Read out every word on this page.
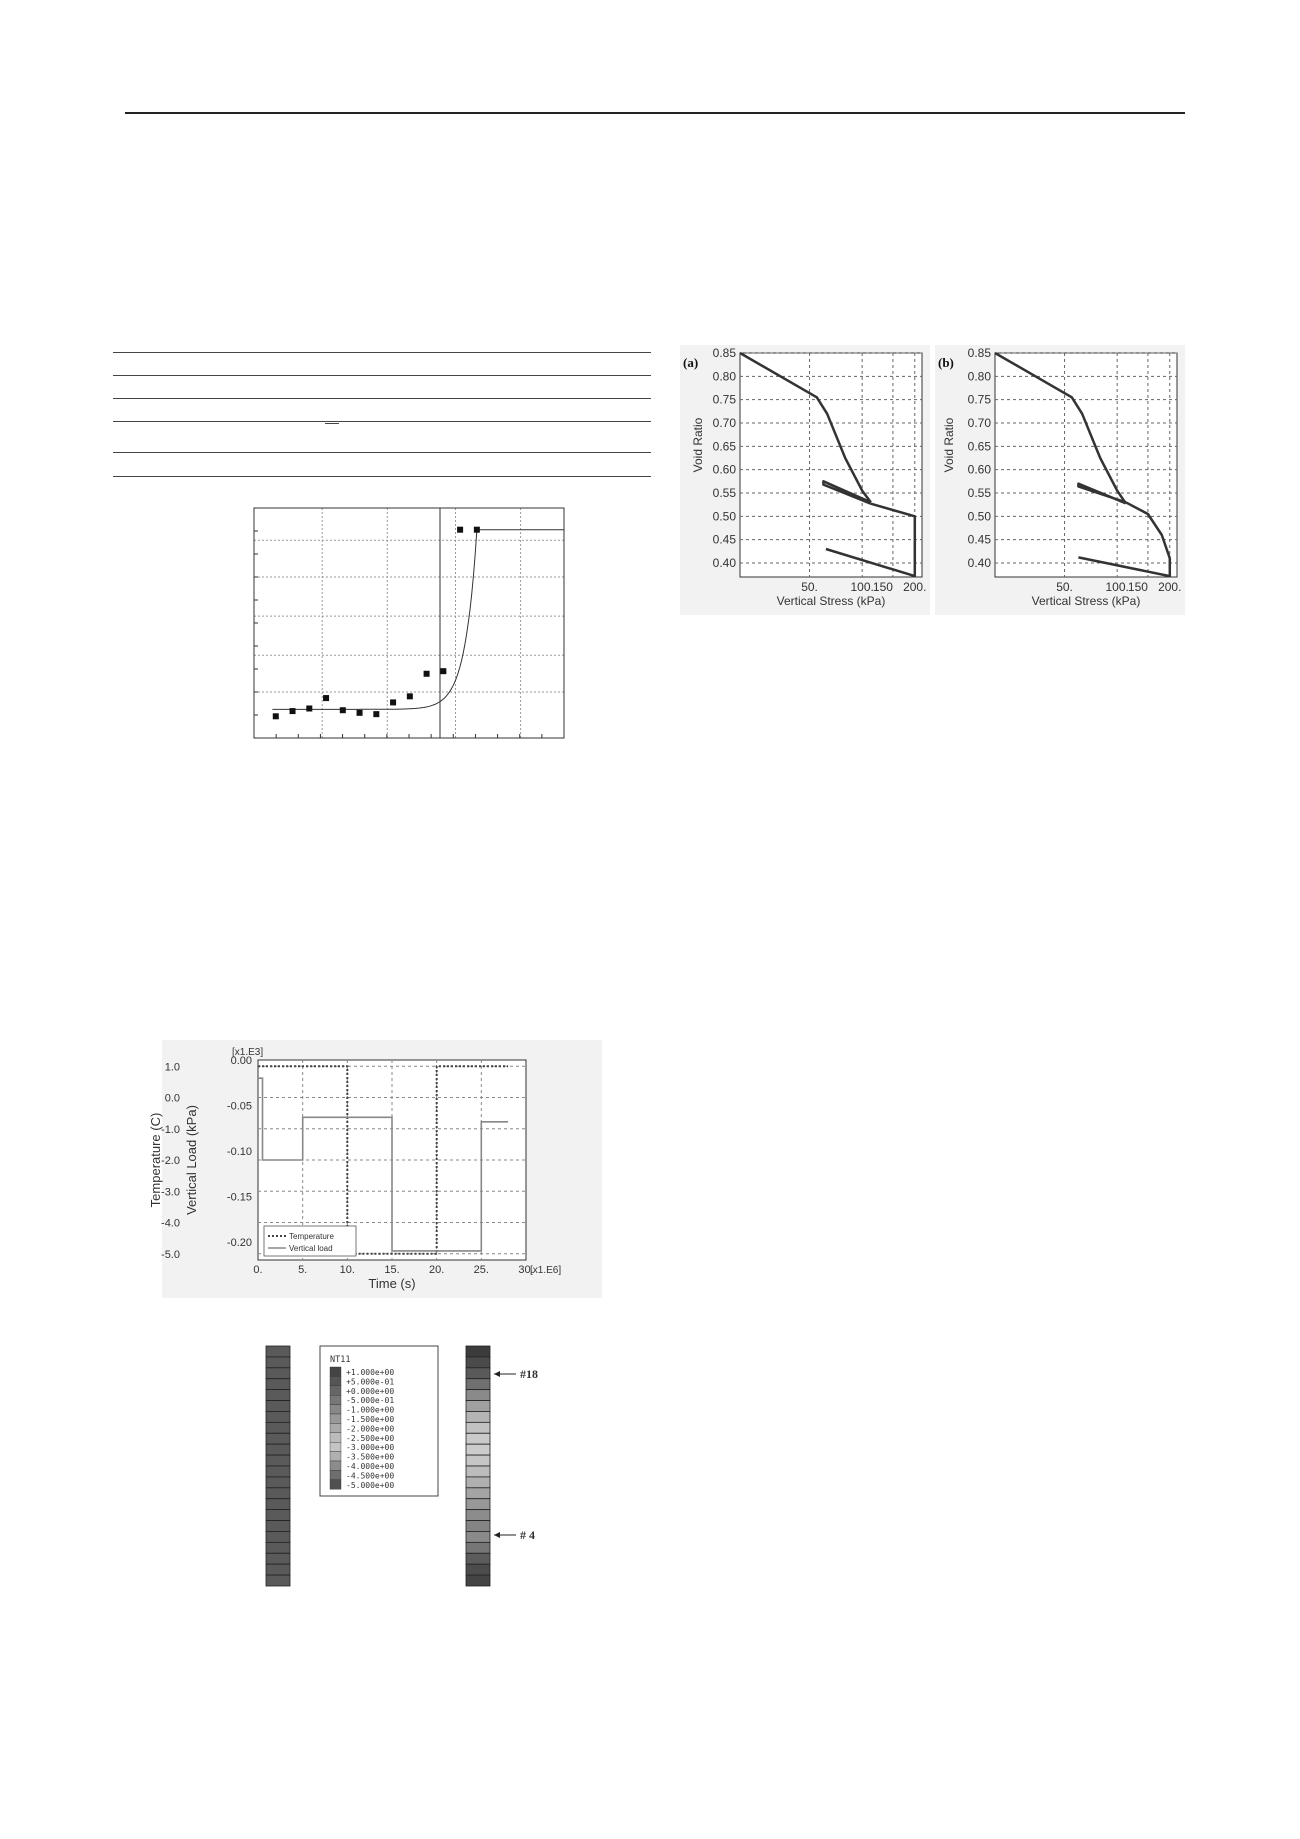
0.85
0.80
0.75
0.70
0.65
0.60
0.55
0.50
0.45
0.40
50.	100. 150 200.
Vertical Stress (kPa)
Void Ratio
(a)
0.85
0.80
0.75
0.70
0.65
0.60
0.55
0.50
0.45
0.40
50.	100. 150 200.
Vertical Stress (kPa)
Void Ratio
(b)
1.0
0.0
-1.0
-2.0
-3.0
-4.0
-5.0
0.00
-0.05
-0.10
-0.15
-0.20
0.	5.	10.	15.	20.	25.	30.
[x1.E6]
[x1.E3]
Time (s)
Temperature (C) Vertical Load (kPa)
Temperature
Vertical load
NT11
+1.000e+00
+5.000e-01
+0.000e+00
-5.000e-01
-1.000e+00
-1.500e+00
-2.000e+00
-2.500e+00
-3.000e+00
-3.500e+00
-4.000e+00
-4.500e+00
-5.000e+00
#18
# 4
